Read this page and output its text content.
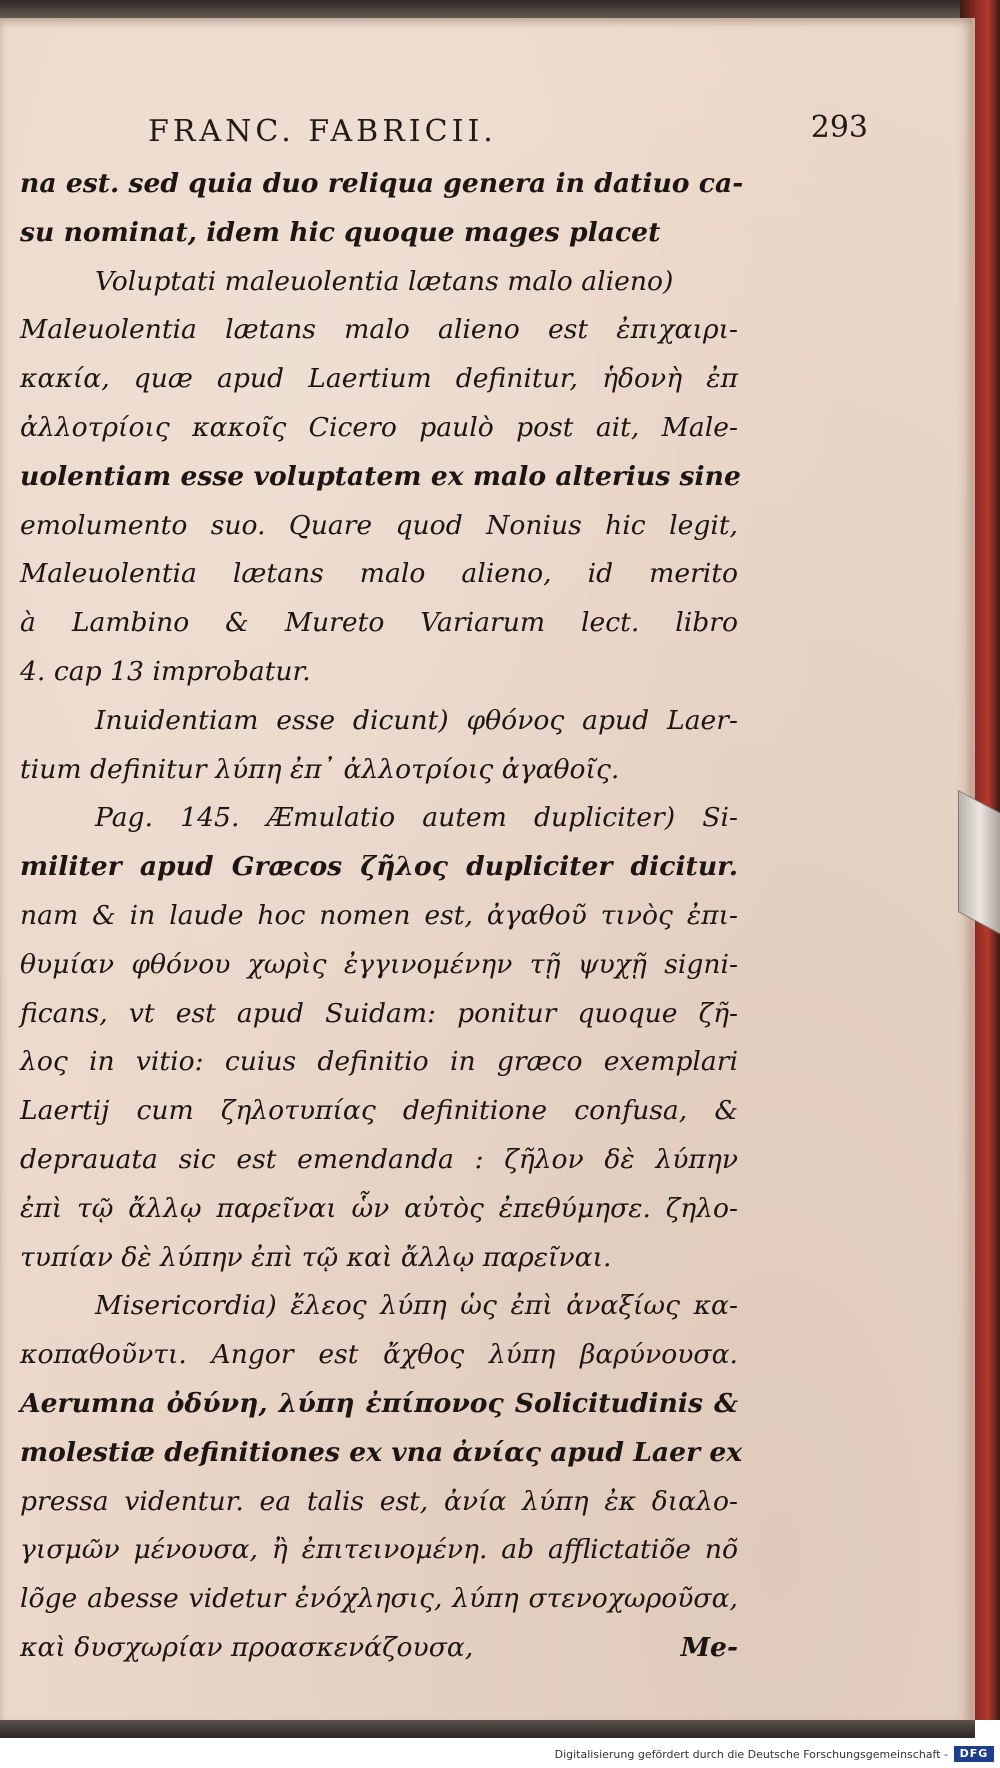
FRANC. FABRICII.	293
na est. sed quia duo reliqua genera in datiuo ca-
su nominat, idem hic quoque mages placet
Voluptati maleuolentia lætans malo alieno)
Maleuolentia lætans malo alieno est ἐπιχαιρι-
κακία, quæ apud Laertium definitur, ἡδονὴ ἐπ
ἀλλοτρίοις κακοῖς Cicero paulò post ait, Male-
uolentiam esse voluptatem ex malo alterius sine
emolumento suo. Quare quod Nonius hic legit,
Maleuolentia lætans malo alieno, id merito
à Lambino & Mureto Variarum lect. libro
4. cap 13 improbatur.
Inuidentiam esse dicunt) φθόνος apud Laer-
tium definitur λύπη ἐπ᾽ ἀλλοτρίοις ἀγαθοῖς.
Pag. 145. Æmulatio autem dupliciter) Si-
militer apud Græcos ζῆλος dupliciter dicitur.
nam & in laude hoc nomen est, ἀγαθοῦ τινὸς ἐπι-
θυμίαν φθόνου χωρὶς ἐγγινομένην τῇ ψυχῇ signi-
ficans, vt est apud Suidam: ponitur quoque ζῆ-
λος in vitio: cuius definitio in græco exemplari
Laertij cum ζηλοτυπίας definitione confusa, &
deprauata sic est emendanda : ζῆλον δὲ λύπην
ἐπὶ τῷ ἄλλῳ παρεῖναι ὧν αὐτὸς ἐπεθύμησε. ζηλο-
τυπίαν δὲ λύπην ἐπὶ τῷ καὶ ἄλλῳ παρεῖναι.
Misericordia) ἔλεος λύπη ὡς ἐπὶ ἀναξίως κα-
κοπαθοῦντι. Angor est ἄχθος λύπη βαρύνουσα.
Aerumna ὀδύνη, λύπη ἐπίπονος Solicitudinis &
molestiæ definitiones ex vna ἀνίας apud Laer ex
pressa videntur. ea talis est, ἀνία λύπη ἐκ διαλο-
γισμῶν μένουσα, ἢ ἐπιτεινομένη. ab afflictatiõe nõ
lõge abesse videtur ἐνόχλησις, λύπη στενοχωροῦσα,
καὶ δυσχωρίαν προασκενάζουσα,	Me-
Digitalisierung gefördert durch die Deutsche Forschungsgemeinschaft -	DFG
